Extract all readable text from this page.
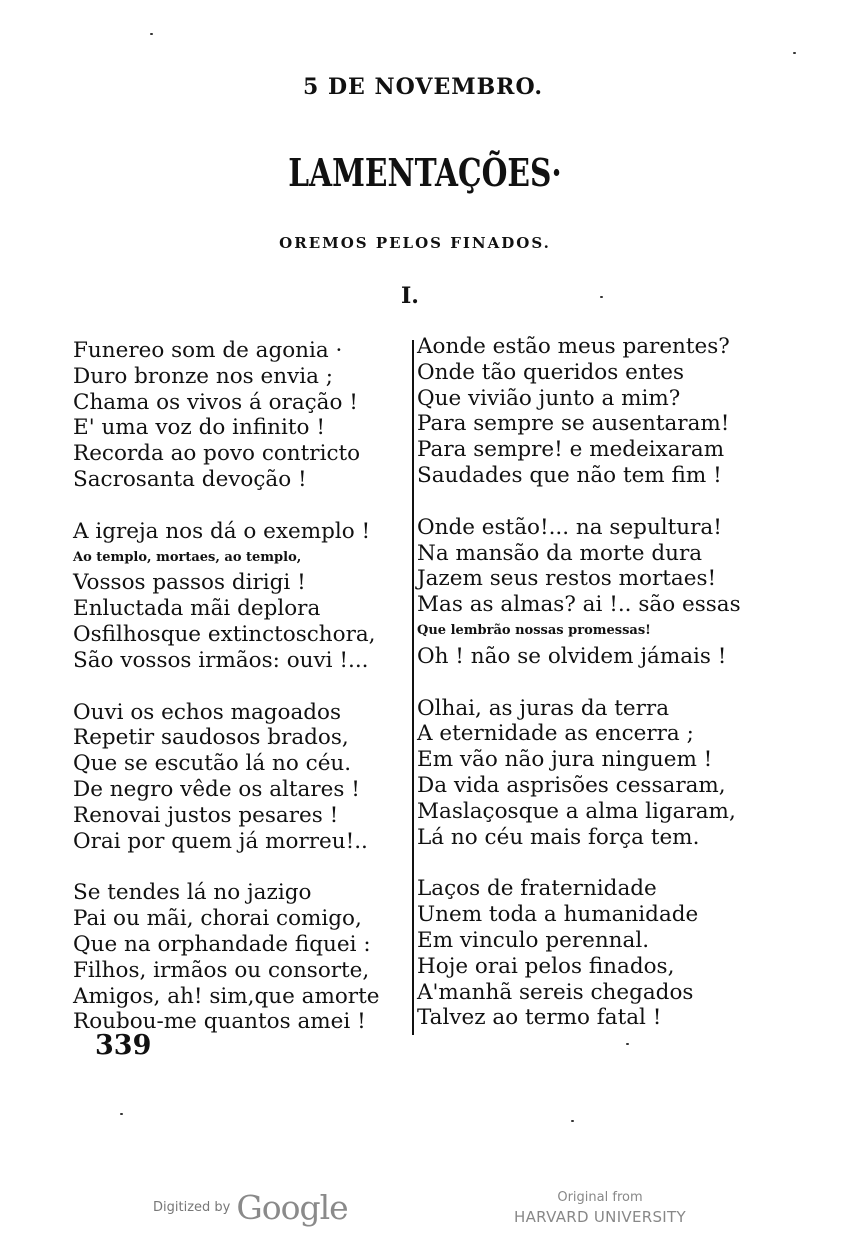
5 DE NOVEMBRO.
LAMENTAÇÕES·
OREMOS PELOS FINADOS.
I.
Funereo som de agonia ·
Duro bronze nos envia ;
Chama os vivos á oração !
E' uma voz do infinito !
Recorda ao povo contricto
Sacrosanta devoção !
A igreja nos dá o exemplo !
Ao templo, mortaes, ao templo,
Vossos passos dirigi !
Enluctada mãi deplora
Osfilhosque extinctoschora,
São vossos irmãos: ouvi !...
Ouvi os echos magoados
Repetir saudosos brados,
Que se escutão lá no céu.
De negro vêde os altares !
Renovai justos pesares !
Orai por quem já morreu!..
Se tendes lá no jazigo
Pai ou mãi, chorai comigo,
Que na orphandade fiquei :
Filhos, irmãos ou consorte,
Amigos, ah! sim,que amorte
Roubou-me quantos amei !
Aonde estão meus parentes?
Onde tão queridos entes
Que vivião junto a mim?
Para sempre se ausentaram!
Para sempre! e medeixaram
Saudades que não tem fim !
Onde estão!... na sepultura!
Na mansão da morte dura
Jazem seus restos mortaes!
Mas as almas? ai !.. são essas
Que lembrão nossas promessas!
Oh ! não se olvidem jámais !
Olhai, as juras da terra
A eternidade as encerra ;
Em vão não jura ninguem !
Da vida asprisões cessaram,
Maslaçosque a alma ligaram,
Lá no céu mais força tem.
Laços de fraternidade
Unem toda a humanidade
Em vinculo perennal.
Hoje orai pelos finados,
A'manhã sereis chegados
Talvez ao termo fatal !
339
Digitized by Google	Original from
HARVARD UNIVERSITY
